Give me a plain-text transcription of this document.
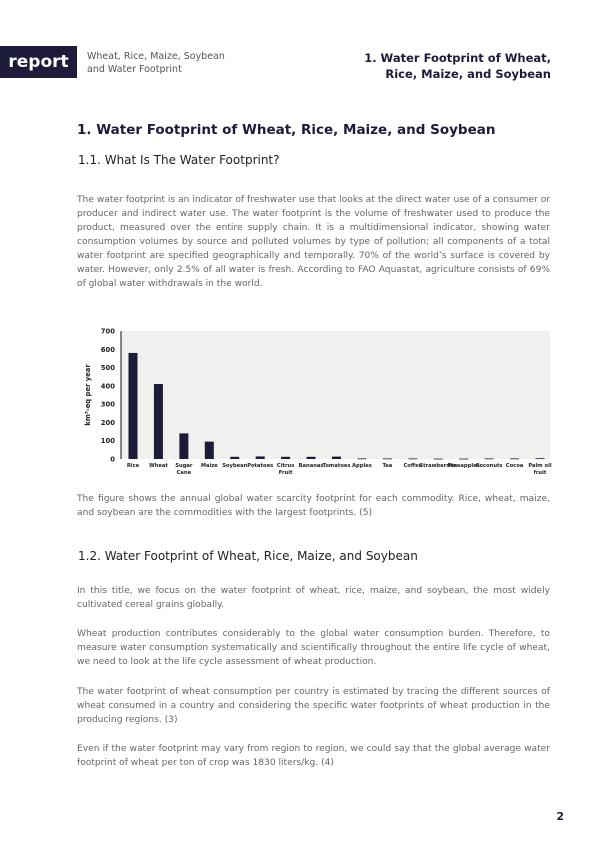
report	Wheat, Rice, Maize, Soybean
and Water Footprint
1. Water Footprint of Wheat,
Rice, Maize, and Soybean
1. Water Footprint of Wheat, Rice, Maize, and Soybean
1.1. What Is The Water Footprint?

The water footprint is an indicator of freshwater use that looks at the direct water use of a consumer or producer and indirect water use. The water footprint is the volume of freshwater used to produce the product, measured over the entire supply chain. It is a multidimensional indicator, showing water consumption volumes by source and polluted volumes by type of pollution; all components of a total water footprint are specified geographically and temporally. 70% of the world’s surface is covered by water. However, only 2.5% of all water is fresh. According to FAO Aquastat, agriculture consists of 69% of global water withdrawals in the world.

0
100
200
300
400
500
600
700
km³-eq per year
Rice Wheat Sugar
Cane
Maize Soybean Potatoes Citrus
Fruit
Bananas
Tomatoes Apples Tea Coffee
Strawberries
Pineapples
Coconuts Cocoa Palm oil
fruit

The figure shows the annual global water scarcity footprint for each commodity. Rice, wheat, maize, and soybean are the commodities with the largest footprints. (5)

1.2. Water Footprint of Wheat, Rice, Maize, and Soybean

In this title, we focus on the water footprint of wheat, rice, maize, and soybean, the most widely cultivated cereal grains globally.

Wheat production contributes considerably to the global water consumption burden. Therefore, to measure water consumption systematically and scientifically throughout the entire life cycle of wheat, we need to look at the life cycle assessment of wheat production.

The water footprint of wheat consumption per country is estimated by tracing the different sources of wheat consumed in a country and considering the specific water footprints of wheat production in the producing regions. (3)

Even if the water footprint may vary from region to region, we could say that the global average water footprint of wheat per ton of crop was 1830 liters/kg. (4)

2
